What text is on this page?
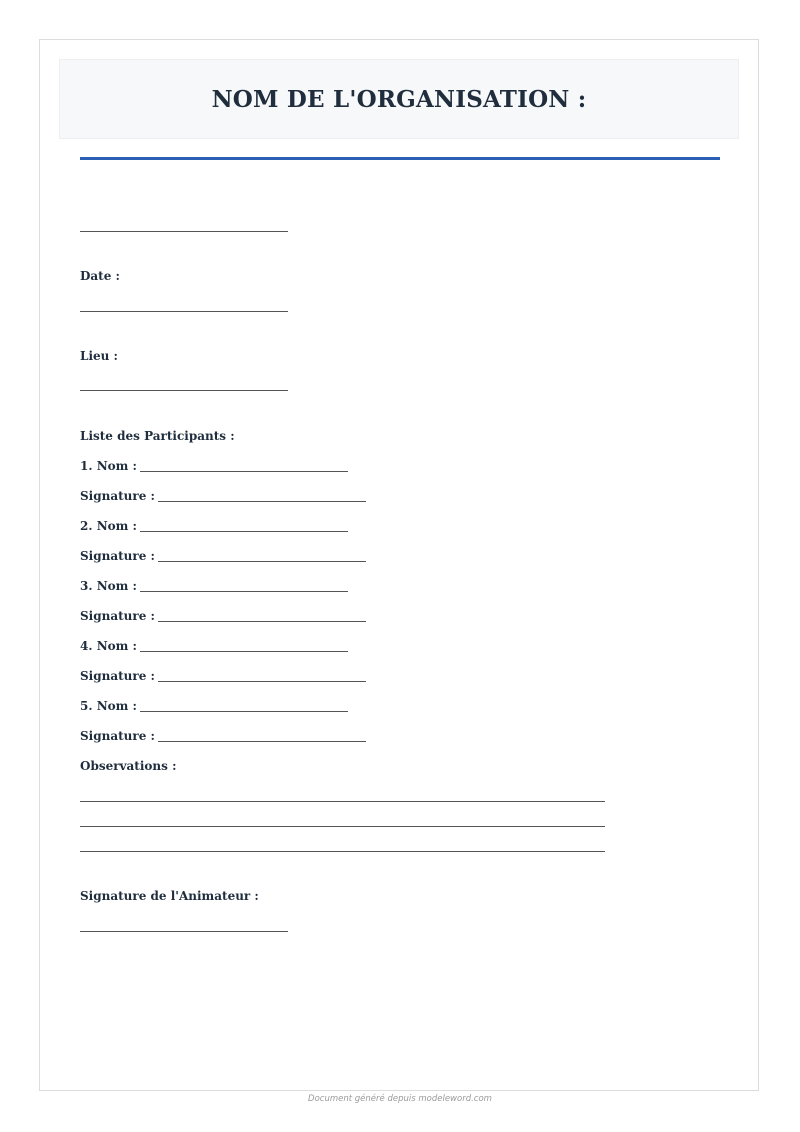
NOM DE L'ORGANISATION :
Date :
Lieu :
Liste des Participants :
1. Nom :
Signature :
2. Nom :
Signature :
3. Nom :
Signature :
4. Nom :
Signature :
5. Nom :
Signature :
Observations :
Signature de l'Animateur :
Document généré depuis modeleword.com
